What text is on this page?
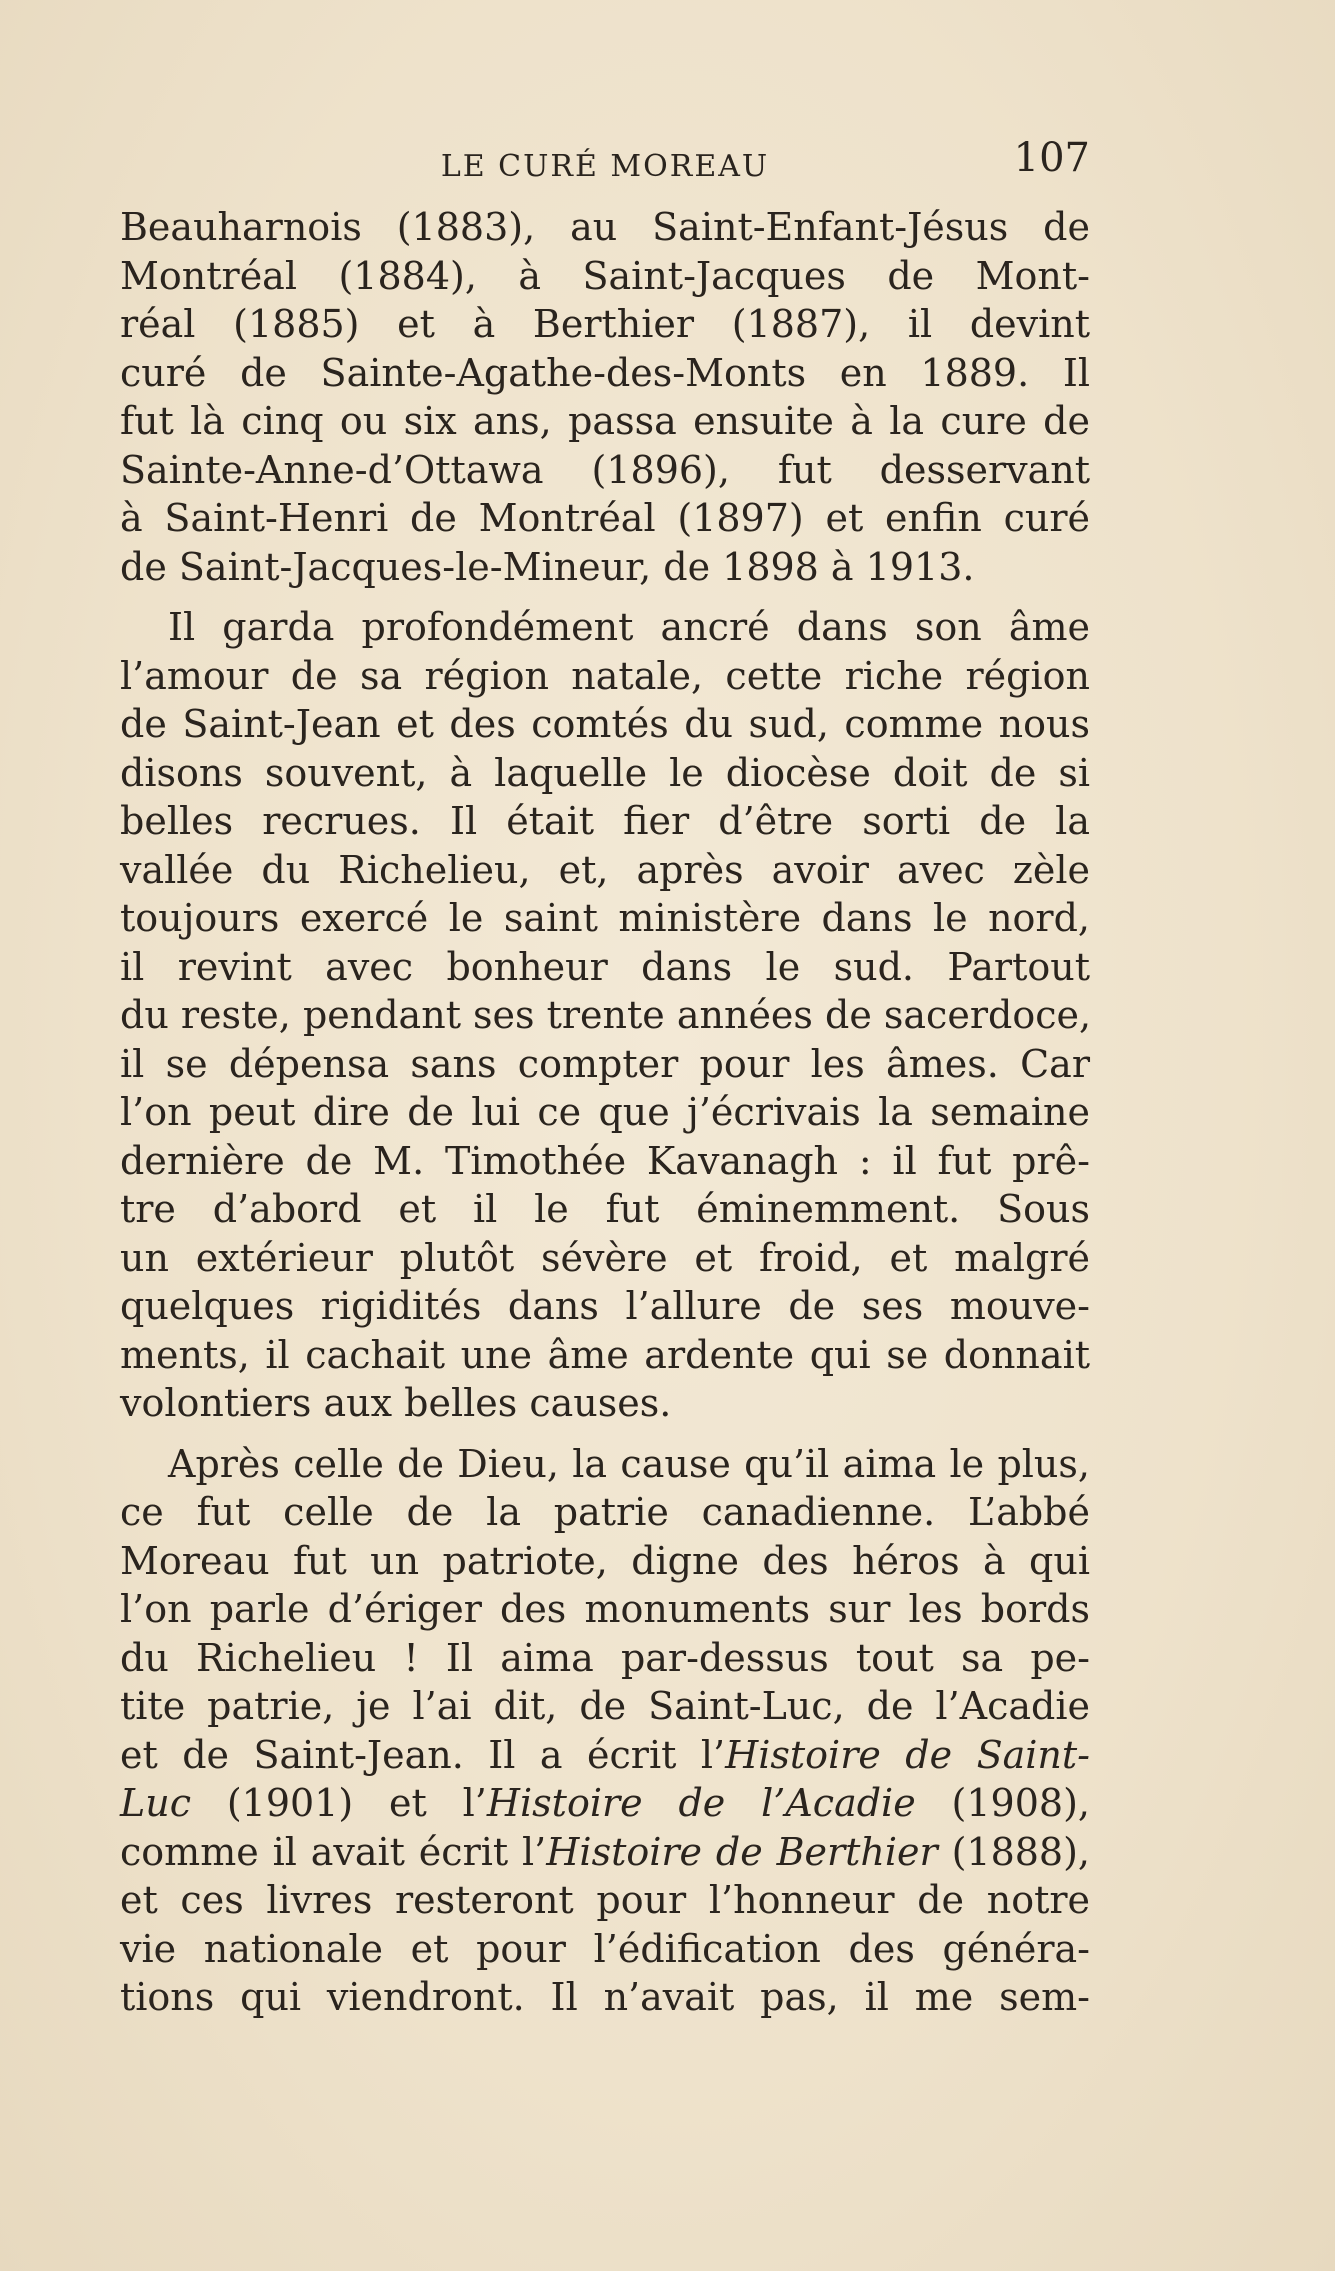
LE CURÉ MOREAU	107
Beauharnois (1883), au Saint-Enfant-Jésus de
Montréal (1884), à Saint-Jacques de Mont-
réal (1885) et à Berthier (1887), il devint
curé de Sainte-Agathe-des-Monts en 1889. Il
fut là cinq ou six ans, passa ensuite à la cure de
Sainte-Anne-d’Ottawa (1896), fut desservant
à Saint-Henri de Montréal (1897) et enfin curé
de Saint-Jacques-le-Mineur, de 1898 à 1913.
Il garda profondément ancré dans son âme
l’amour de sa région natale, cette riche région
de Saint-Jean et des comtés du sud, comme nous
disons souvent, à laquelle le diocèse doit de si
belles recrues. Il était fier d’être sorti de la
vallée du Richelieu, et, après avoir avec zèle
toujours exercé le saint ministère dans le nord,
il revint avec bonheur dans le sud. Partout
du reste, pendant ses trente années de sacerdoce,
il se dépensa sans compter pour les âmes. Car
l’on peut dire de lui ce que j’écrivais la semaine
dernière de M. Timothée Kavanagh : il fut prê-
tre d’abord et il le fut éminemment. Sous
un extérieur plutôt sévère et froid, et malgré
quelques rigidités dans l’allure de ses mouve-
ments, il cachait une âme ardente qui se donnait
volontiers aux belles causes.
Après celle de Dieu, la cause qu’il aima le plus,
ce fut celle de la patrie canadienne. L’abbé
Moreau fut un patriote, digne des héros à qui
l’on parle d’ériger des monuments sur les bords
du Richelieu ! Il aima par-dessus tout sa pe-
tite patrie, je l’ai dit, de Saint-Luc, de l’Acadie
et de Saint-Jean. Il a écrit l’Histoire de Saint-
Luc (1901) et l’Histoire de l’Acadie (1908),
comme il avait écrit l’Histoire de Berthier (1888),
et ces livres resteront pour l’honneur de notre
vie nationale et pour l’édification des généra-
tions qui viendront. Il n’avait pas, il me sem-
